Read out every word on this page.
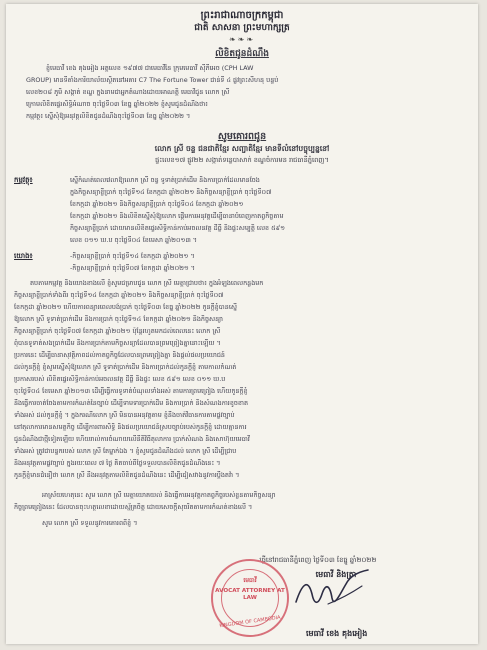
ព្រះរាជាណាចក្រកម្ពុជា
ជាតិ សាសនា ព្រះមហាក្សត្រ
❧❧❧
លិខិតជូនដំណឹង
ខ្ញុំមេធាវី ខេង គុងអៀង អត្តលេខ ១៩៧៧ ជាមេធាវីនៃ ក្រុមមេធាវី ស៊ីភីអេច (CPH LAW
GROUP) មានទីតាំងការិយាល័យស្ថិតនៅអគារ C7 The Fortune Tower ជាន់ទី ៤ ផ្លូវព្រះសីហនុ បន្ទប់
លេខ២០៨ ភូមិ សង្កាត់ ខណ្ឌ ក្នុងនាមជាអ្នកតំណាងដោយអាណត្តិ មេធាវីជូន លោក ស្រី
ក្រោមលិខិតផ្ទេរសិទ្ធិអំណាច ចុះថ្ងៃទី០៣ ខែធ្នូ ឆ្នាំ២០២២ ខ្ញុំសូមជូនដំណឹងថា៖
កម្មវត្ថុ៖ ស្នើសុំឱ្យអនុវត្តលិខិតជូនដំណឹងចុះថ្ងៃទី០៣ ខែធ្នូ ឆ្នាំ២០២២ ។
សូមគោរពជូន
លោក ស្រី ចន្ទ ជនជាតិខ្មែរ សញ្ជាតិខ្មែរ មានទីលំនៅបច្ចុប្បន្ននៅ
ផ្ទះលេខ១៧ ផ្លូវ២២ សង្កាត់ទន្លេបាសាក់ ខណ្ឌចំការមន រាជធានីភ្នំពេញ។
កម្មវត្ថុ៖	ស្នើកំណត់ពេលវេលាឱ្យលោក ស្រី ចន្ទ ទូទាត់ប្រាក់ដើម និងការប្រាក់ដែលមានចែង
ក្នុងកិច្ចសន្យាខ្ចីប្រាក់ ចុះថ្ងៃទី១៤ ខែកក្កដា ឆ្នាំ២០២១ និងកិច្ចសន្យាខ្ចីប្រាក់ ចុះថ្ងៃទី០៧
ខែកក្កដា ឆ្នាំ២០២១ និងកិច្ចសន្យាខ្ចីប្រាក់ ចុះថ្ងៃទី០៤ ខែកក្កដា ឆ្នាំ២០២១
ខែកក្កដា ឆ្នាំ២០២១ និងលិខិតស្នើសុំឱ្យលោក ផ្តើមការអនុវត្តដើម្បីធានាបំពេញកាតព្វកិច្ចតាម
កិច្ចសន្យាខ្ចីប្រាក់ ដោយមានលិខិតផ្ទេរសិទ្ធិកាន់កាប់អចលនវត្ថុ ដីធ្លី និងផ្ទះសម្បត្តិ លេខ ៥៩១
លេខ ០១១ ឃ.ប ចុះថ្ងៃទី០៤ ខែមេសា ឆ្នាំ២០១៣ ។
យោង៖	-កិច្ចសន្យាខ្ចីប្រាក់ ចុះថ្ងៃទី១៤ ខែកក្កដា ឆ្នាំ២០២១ ។
-កិច្ចសន្យាខ្ចីប្រាក់ ចុះថ្ងៃទី០៧ ខែកក្កដា ឆ្នាំ២០២១ ។
តបតាមកម្មវត្ថុ និងយោងខាងលើ ខ្ញុំសូមជម្រាបជូន លោក ស្រី មេត្តាជ្រាបថា៖ ក្នុងអំឡុងពេលកន្លងមក
កិច្ចសន្យាខ្ចីប្រាក់ទាំងពីរ ចុះថ្ងៃទី១៤ ខែកក្កដា ឆ្នាំ២០២១ និងកិច្ចសន្យាខ្ចីប្រាក់ ចុះថ្ងៃទី០៧
ខែកក្កដា ឆ្នាំ២០២១ ហើយការពន្យារពេលបង់ប្រាក់ ចុះថ្ងៃទី០៣ ខែធ្នូ ឆ្នាំ២០២២ កូនក្តីខ្ញុំបានស្នើ
ឱ្យលោក ស្រី ទូទាត់ប្រាក់ដើម និងការប្រាក់ ចុះថ្ងៃទី១៤ ខែកក្កដា ឆ្នាំ២០២១ និងកិច្ចសន្យា
កិច្ចសន្យាខ្ចីប្រាក់ ចុះថ្ងៃទី០៧ ខែកក្កដា ឆ្នាំ២០២១ ប៉ុន្តែរហូតមកដល់ពេលនេះ លោក ស្រី
ពុំបានទូទាត់សងប្រាក់ដើម និងការប្រាក់តាមកិច្ចសន្យាដែលបានព្រមព្រៀងគ្នានោះឡើយ ។
ប្រការនេះ ដើម្បីធានាសុវត្ថិភាពដល់កាតព្វកិច្ចដែលបានព្រមព្រៀងគ្នា និងផ្តល់ផលប្រយោជន៍
ដល់កូនក្តីខ្ញុំ ខ្ញុំសូមស្នើសុំឱ្យលោក ស្រី ទូទាត់ប្រាក់ដើម និងការប្រាក់ដល់កូនក្តីខ្ញុំ តាមកាលកំណត់
ប្រកាសរបស់ លិខិតផ្ទេរសិទ្ធិកាន់កាប់អចលនវត្ថុ ដីធ្លី និងផ្ទះ លេខ ៥៩១ លេខ ០១១ ឃ.ប
ចុះថ្ងៃទី០៤ ខែមេសា ឆ្នាំ២០១៣ ដើម្បីធ្វើការទូទាត់បំណុលទាំងអស់ តាមការព្រមព្រៀង ហើយកូនក្តីខ្ញុំ
នឹងធ្វើការចាត់ចែងតាមការកំណត់នៃច្បាប់ ដើម្បីទាមទារប្រាក់ដើម និងការប្រាក់ និងសំណងការខូចខាត
ទាំងអស់ ដល់កូនក្តីខ្ញុំ ។ ក្នុងករណីលោក ស្រី មិនបានអនុវត្តតាម ខ្ញុំនឹងចាត់វិធានការតាមផ្លូវច្បាប់
នៅតុលាការមានសមត្ថកិច្ច ដើម្បីការពារសិទ្ធិ និងផលប្រយោជន៍ស្របច្បាប់របស់កូនក្តីខ្ញុំ ដោយគ្មានការ
ជូនដំណឹងជាថ្មីទៀតឡើយ ហើយរាល់ការចំណាយលើនីតិវិធីតុលាការ ប្រាក់សំណង និងសោហ៊ុយមេធាវី
ទាំងអស់ ត្រូវជាបន្ទុករបស់ លោក ស្រី តែម្នាក់ឯង ។ ខ្ញុំសូមជូនដំណឹងដល់ លោក ស្រី ដើម្បីជ្រាប
និងអនុវត្តតាមផ្លូវច្បាប់ ក្នុងរយៈពេល ៧ ថ្ងៃ គិតចាប់ពីថ្ងៃទទួលបានលិខិតជូនដំណឹងនេះ ។
កូនក្តីខ្ញុំមានជំនឿថា លោក ស្រី នឹងអនុវត្តតាមលិខិតជូនដំណឹងនេះ ដើម្បីជៀសវាងនូវការប្តឹងតវ៉ា ។
អាស្រ័យហេតុនេះ សូម លោក ស្រី មេត្តាយោគយល់ និងធ្វើការអនុវត្តកាតព្វកិច្ចរបស់ខ្លួនតាមកិច្ចសន្យា
កិច្ចព្រមព្រៀងនេះ ដែលបានចុះហត្ថលេខាដោយស្ម័គ្រចិត្ត ដោយសេចក្តីសុចរិតតាមការកំណត់ខាងលើ ។
សូម លោក ស្រី ទទួលនូវការគោរពពីខ្ញុំ ។
ធ្វើនៅរាជធានីភ្នំពេញ ថ្ងៃទី០៣ ខែធ្នូ ឆ្នាំ២០២២
មេធាវី និងត្រា
មេធាវី
AVOCAT ATTORNEY AT LAW
KINGDOM OF CAMBODIA
មេធាវី ខេង គុងអៀង
